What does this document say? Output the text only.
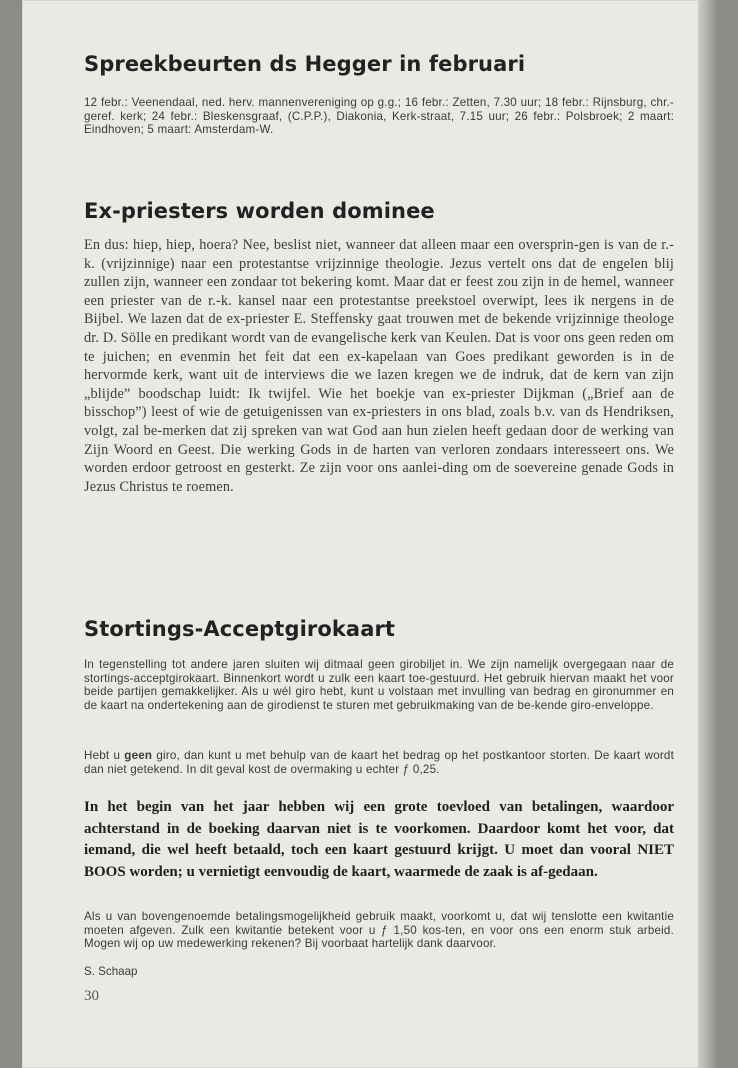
Spreekbeurten ds Hegger in februari

12 febr.: Veenendaal, ned. herv. mannenvereniging op g.g.; 16 febr.: Zetten, 7.30 uur; 18 febr.: Rijnsburg, chr.-geref. kerk; 24 febr.: Bleskensgraaf, (C.P.P.), Diakonia, Kerk-straat, 7.15 uur; 26 febr.: Polsbroek; 2 maart: Eindhoven; 5 maart: Amsterdam-W.

Ex-priesters worden dominee

En dus: hiep, hiep, hoera? Nee, beslist niet, wanneer dat alleen maar een oversprin-gen is van de r.-k. (vrijzinnige) naar een protestantse vrijzinnige theologie. Jezus vertelt ons dat de engelen blij zullen zijn, wanneer een zondaar tot bekering komt. Maar dat er feest zou zijn in de hemel, wanneer een priester van de r.-k. kansel naar een protestantse preekstoel overwipt, lees ik nergens in de Bijbel. We lazen dat de ex-priester E. Steffensky gaat trouwen met de bekende vrijzinnige theologe dr. D. Sölle en predikant wordt van de evangelische kerk van Keulen. Dat is voor ons geen reden om te juichen; en evenmin het feit dat een ex-kapelaan van Goes predikant geworden is in de hervormde kerk, want uit de interviews die we lazen kregen we de indruk, dat de kern van zijn „blijde” boodschap luidt: Ik twijfel. Wie het boekje van ex-priester Dijkman („Brief aan de bisschop”) leest of wie de getuigenissen van ex-priesters in ons blad, zoals b.v. van ds Hendriksen, volgt, zal be-merken dat zij spreken van wat God aan hun zielen heeft gedaan door de werking van Zijn Woord en Geest. Die werking Gods in de harten van verloren zondaars interesseert ons. We worden erdoor getroost en gesterkt. Ze zijn voor ons aanlei-ding om de soevereine genade Gods in Jezus Christus te roemen.

Stortings-Acceptgirokaart

In tegenstelling tot andere jaren sluiten wij ditmaal geen girobiljet in. We zijn namelijk overgegaan naar de stortings-acceptgirokaart. Binnenkort wordt u zulk een kaart toe-gestuurd. Het gebruik hiervan maakt het voor beide partijen gemakkelijker. Als u wél giro hebt, kunt u volstaan met invulling van bedrag en gironummer en de kaart na ondertekening aan de girodienst te sturen met gebruikmaking van de be-kende giro-enveloppe.

Hebt u geen giro, dan kunt u met behulp van de kaart het bedrag op het postkantoor storten. De kaart wordt dan niet getekend. In dit geval kost de overmaking u echter ƒ 0,25.

In het begin van het jaar hebben wij een grote toevloed van betalingen, waardoor achterstand in de boeking daarvan niet is te voorkomen. Daardoor komt het voor, dat iemand, die wel heeft betaald, toch een kaart gestuurd krijgt. U moet dan vooral NIET BOOS worden; u vernietigt eenvoudig de kaart, waarmede de zaak is af-gedaan.

Als u van bovengenoemde betalingsmogelijkheid gebruik maakt, voorkomt u, dat wij tenslotte een kwitantie moeten afgeven. Zulk een kwitantie betekent voor u ƒ 1,50 kos-ten, en voor ons een enorm stuk arbeid. Mogen wij op uw medewerking rekenen? Bij voorbaat hartelijk dank daarvoor.

S. Schaap

30
